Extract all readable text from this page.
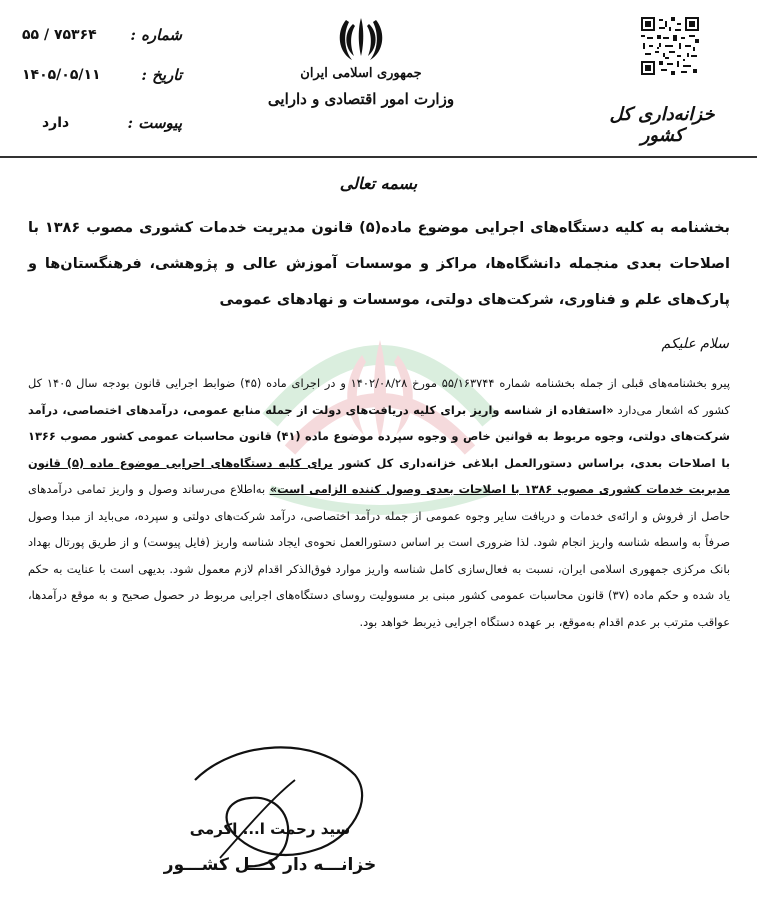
شماره :
۵۵ / ۷۵۳۶۴
تاریخ :
۱۴۰۵/۰۵/۱۱
پیوست :
دارد
جمهوری اسلامی ایران
وزارت امور اقتصادی و دارایی
خزانه‌داری کل کشور
بسمه تعالی
بخشنامه به کلیه دستگاه‌های اجرایی موضوع ماده(۵) قانون مدیریت خدمات کشوری مصوب ۱۳۸۶ با اصلاحات بعدی منجمله دانشگاه‌ها، مراکز و موسسات آموزش عالی و پژوهشی، فرهنگستان‌ها و پارک‌های علم و فناوری، شرکت‌های دولتی، موسسات و نهادهای عمومی
سلام علیکم
پیرو بخشنامه‌های قبلی از جمله بخشنامه شماره ۵۵/۱۶۳۷۴۴ مورخ ۱۴۰۲/۰۸/۲۸ و در اجرای ماده (۴۵) ضوابط اجرایی قانون بودجه سال ۱۴۰۵ کل کشور که اشعار می‌دارد «استفاده از شناسه واریز برای کلیه دریافت‌های دولت از جمله منابع عمومی، درآمدهای اختصاصی، درآمد شرکت‌های دولتی، وجوه مربوط به قوانین خاص و وجوه سپرده موضوع ماده (۴۱) قانون محاسبات عمومی کشور مصوب ۱۳۶۶ با اصلاحات بعدی، براساس دستورالعمل ابلاغی خزانه‌داری کل کشور برای کلیه دستگاه‌های اجرایی موضوع ماده (۵) قانون مدیریت خدمات کشوری مصوب ۱۳۸۶ با اصلاحات بعدی وصول کننده الزامی است» به‌اطلاع می‌رساند وصول و واریز تمامی درآمدهای حاصل از فروش و ارائه‌ی خدمات و دریافت سایر وجوه عمومی از جمله درآمد اختصاصی، درآمد شرکت‌های دولتی و سپرده، می‌باید از مبدا وصول صرفاً به واسطه شناسه واریز انجام شود. لذا ضروری است بر اساس دستورالعمل نحوه‌ی ایجاد شناسه واریز (فایل پیوست) و از طریق پورتال بهداد بانک مرکزی جمهوری اسلامی ایران، نسبت به فعال‌سازی کامل شناسه واریز موارد فوق‌الذکر اقدام لازم معمول شود. بدیهی است با عنایت به حکم یاد شده و حکم ماده (۳۷) قانون محاسبات عمومی کشور مبنی بر مسوولیت روسای دستگاه‌های اجرایی مربوط در حصول صحیح و به موقع درآمدها، عواقب مترتب بر عدم اقدام به‌موقع، بر عهده دستگاه اجرایی ذیربط خواهد بود.
سید رحمت ا... اکرمی
خزانـــه دار کـــل کشـــور
